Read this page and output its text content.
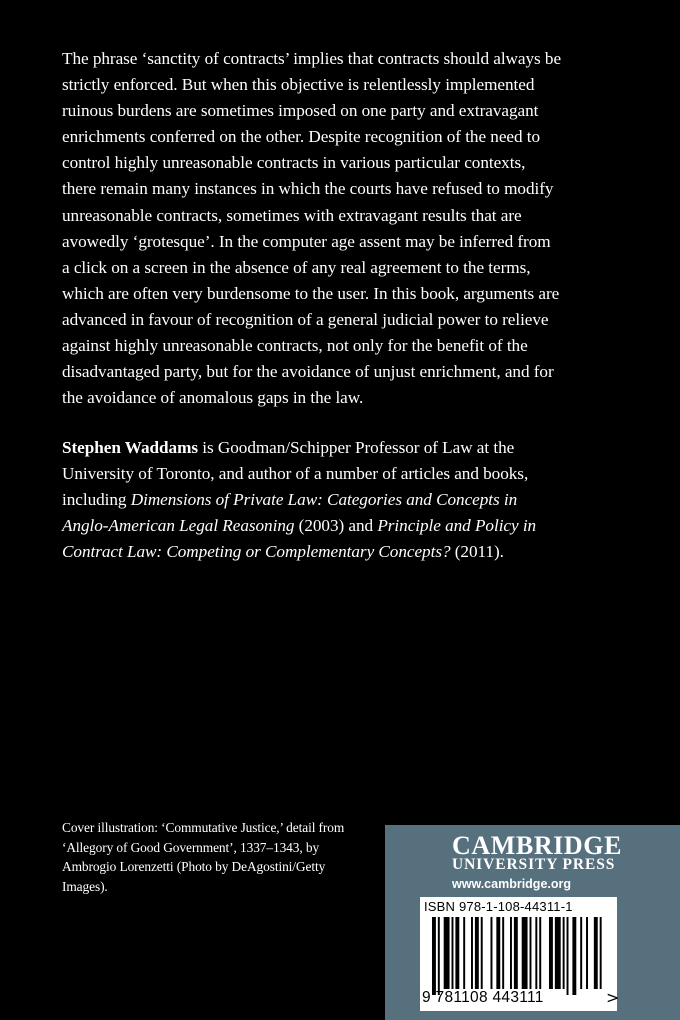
The phrase ‘sanctity of contracts’ implies that contracts should always be strictly enforced. But when this objective is relentlessly implemented ruinous burdens are sometimes imposed on one party and extravagant enrichments conferred on the other. Despite recognition of the need to control highly unreasonable contracts in various particular contexts, there remain many instances in which the courts have refused to modify unreasonable contracts, sometimes with extravagant results that are avowedly ‘grotesque’. In the computer age assent may be inferred from a click on a screen in the absence of any real agreement to the terms, which are often very burdensome to the user. In this book, arguments are advanced in favour of recognition of a general judicial power to relieve against highly unreasonable contracts, not only for the benefit of the disadvantaged party, but for the avoidance of unjust enrichment, and for the avoidance of anomalous gaps in the law.

Stephen Waddams is Goodman/Schipper Professor of Law at the University of Toronto, and author of a number of articles and books, including Dimensions of Private Law: Categories and Concepts in Anglo-American Legal Reasoning (2003) and Principle and Policy in Contract Law: Competing or Complementary Concepts? (2011).

Cover illustration: ‘Commutative Justice,’ detail from ‘Allegory of Good Government’, 1337–1343, by Ambrogio Lorenzetti (Photo by DeAgostini/Getty Images).

CAMBRIDGE
UNIVERSITY PRESS
www.cambridge.org
ISBN 978-1-108-44311-1
9 781108 443111	>
